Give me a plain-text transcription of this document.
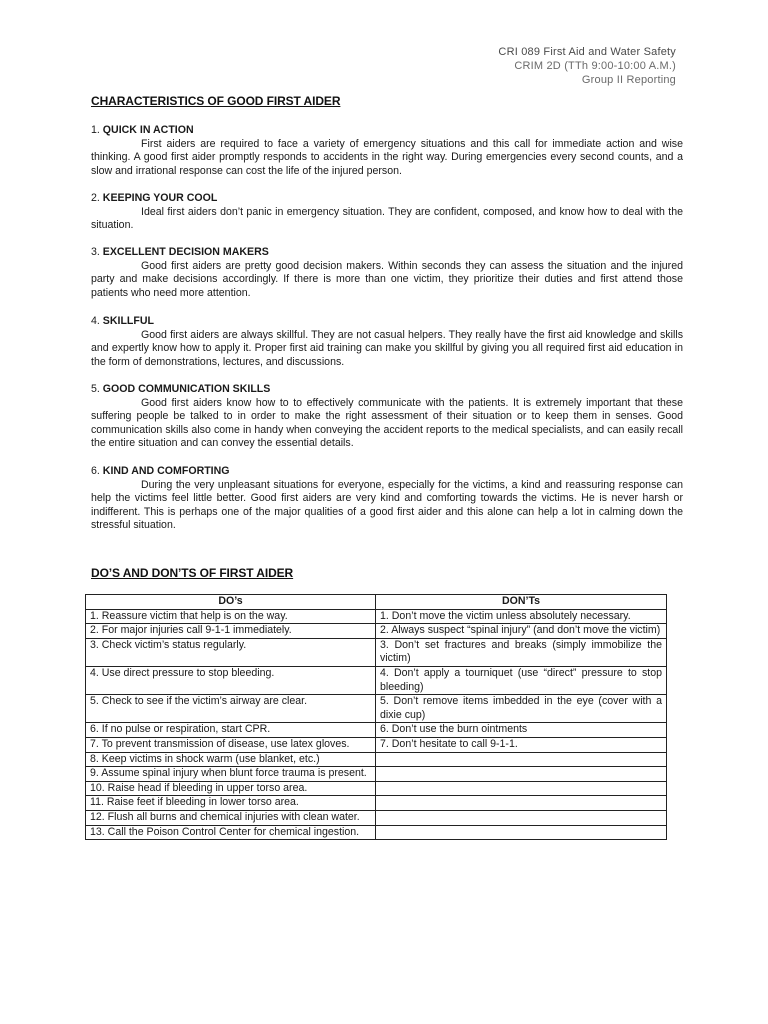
CRI 089 First Aid and Water Safety
CRIM 2D (TTh 9:00-10:00 A.M.)
Group II Reporting
CHARACTERISTICS OF GOOD FIRST AIDER
1. QUICK IN ACTION

First aiders are required to face a variety of emergency situations and this call for immediate action and wise thinking. A good first aider promptly responds to accidents in the right way. During emergencies every second counts, and a slow and irrational response can cost the life of the injured person.

2. KEEPING YOUR COOL

Ideal first aiders don’t panic in emergency situation. They are confident, composed, and know how to deal with the situation.

3. EXCELLENT DECISION MAKERS

Good first aiders are pretty good decision makers. Within seconds they can assess the situation and the injured party and make decisions accordingly. If there is more than one victim, they prioritize their duties and first attend those patients who need more attention.

4. SKILLFUL

Good first aiders are always skillful. They are not casual helpers. They really have the first aid knowledge and skills and expertly know how to apply it. Proper first aid training can make you skillful by giving you all required first aid education in the form of demonstrations, lectures, and discussions.

5. GOOD COMMUNICATION SKILLS

Good first aiders know how to to effectively communicate with the patients. It is extremely important that these suffering people be talked to in order to make the right assessment of their situation or to keep them in senses. Good communication skills also come in handy when conveying the accident reports to the medical specialists, and can easily recall the entire situation and can convey the essential details.

6. KIND AND COMFORTING

During the very unpleasant situations for everyone, especially for the victims, a kind and reassuring response can help the victims feel little better. Good first aiders are very kind and comforting towards the victims. He is never harsh or indifferent. This is perhaps one of the major qualities of a good first aider and this alone can help a lot in calming down the stressful situation.

DO’S AND DON’TS OF FIRST AIDER
DO’s	DON’Ts
1. Reassure victim that help is on the way.	1. Don’t move the victim unless absolutely necessary.
2. For major injuries call 9-1-1 immediately.	2. Always suspect “spinal injury” (and don’t move the victim)
3. Check victim’s status regularly.	3. Don’t set fractures and breaks (simply immobilize the victim)
4. Use direct pressure to stop bleeding.	4. Don’t apply a tourniquet (use “direct” pressure to stop bleeding)
5. Check to see if the victim’s airway are clear.	5. Don’t remove items imbedded in the eye (cover with a dixie cup)
6. If no pulse or respiration, start CPR.	6. Don’t use the burn ointments
7. To prevent transmission of disease, use latex gloves.	7. Don’t hesitate to call 9-1-1.
8. Keep victims in shock warm (use blanket, etc.)	
9. Assume spinal injury when blunt force trauma is present.	
10. Raise head if bleeding in upper torso area.	
11. Raise feet if bleeding in lower torso area.	
12. Flush all burns and chemical injuries with clean water.	
13. Call the Poison Control Center for chemical ingestion.	
